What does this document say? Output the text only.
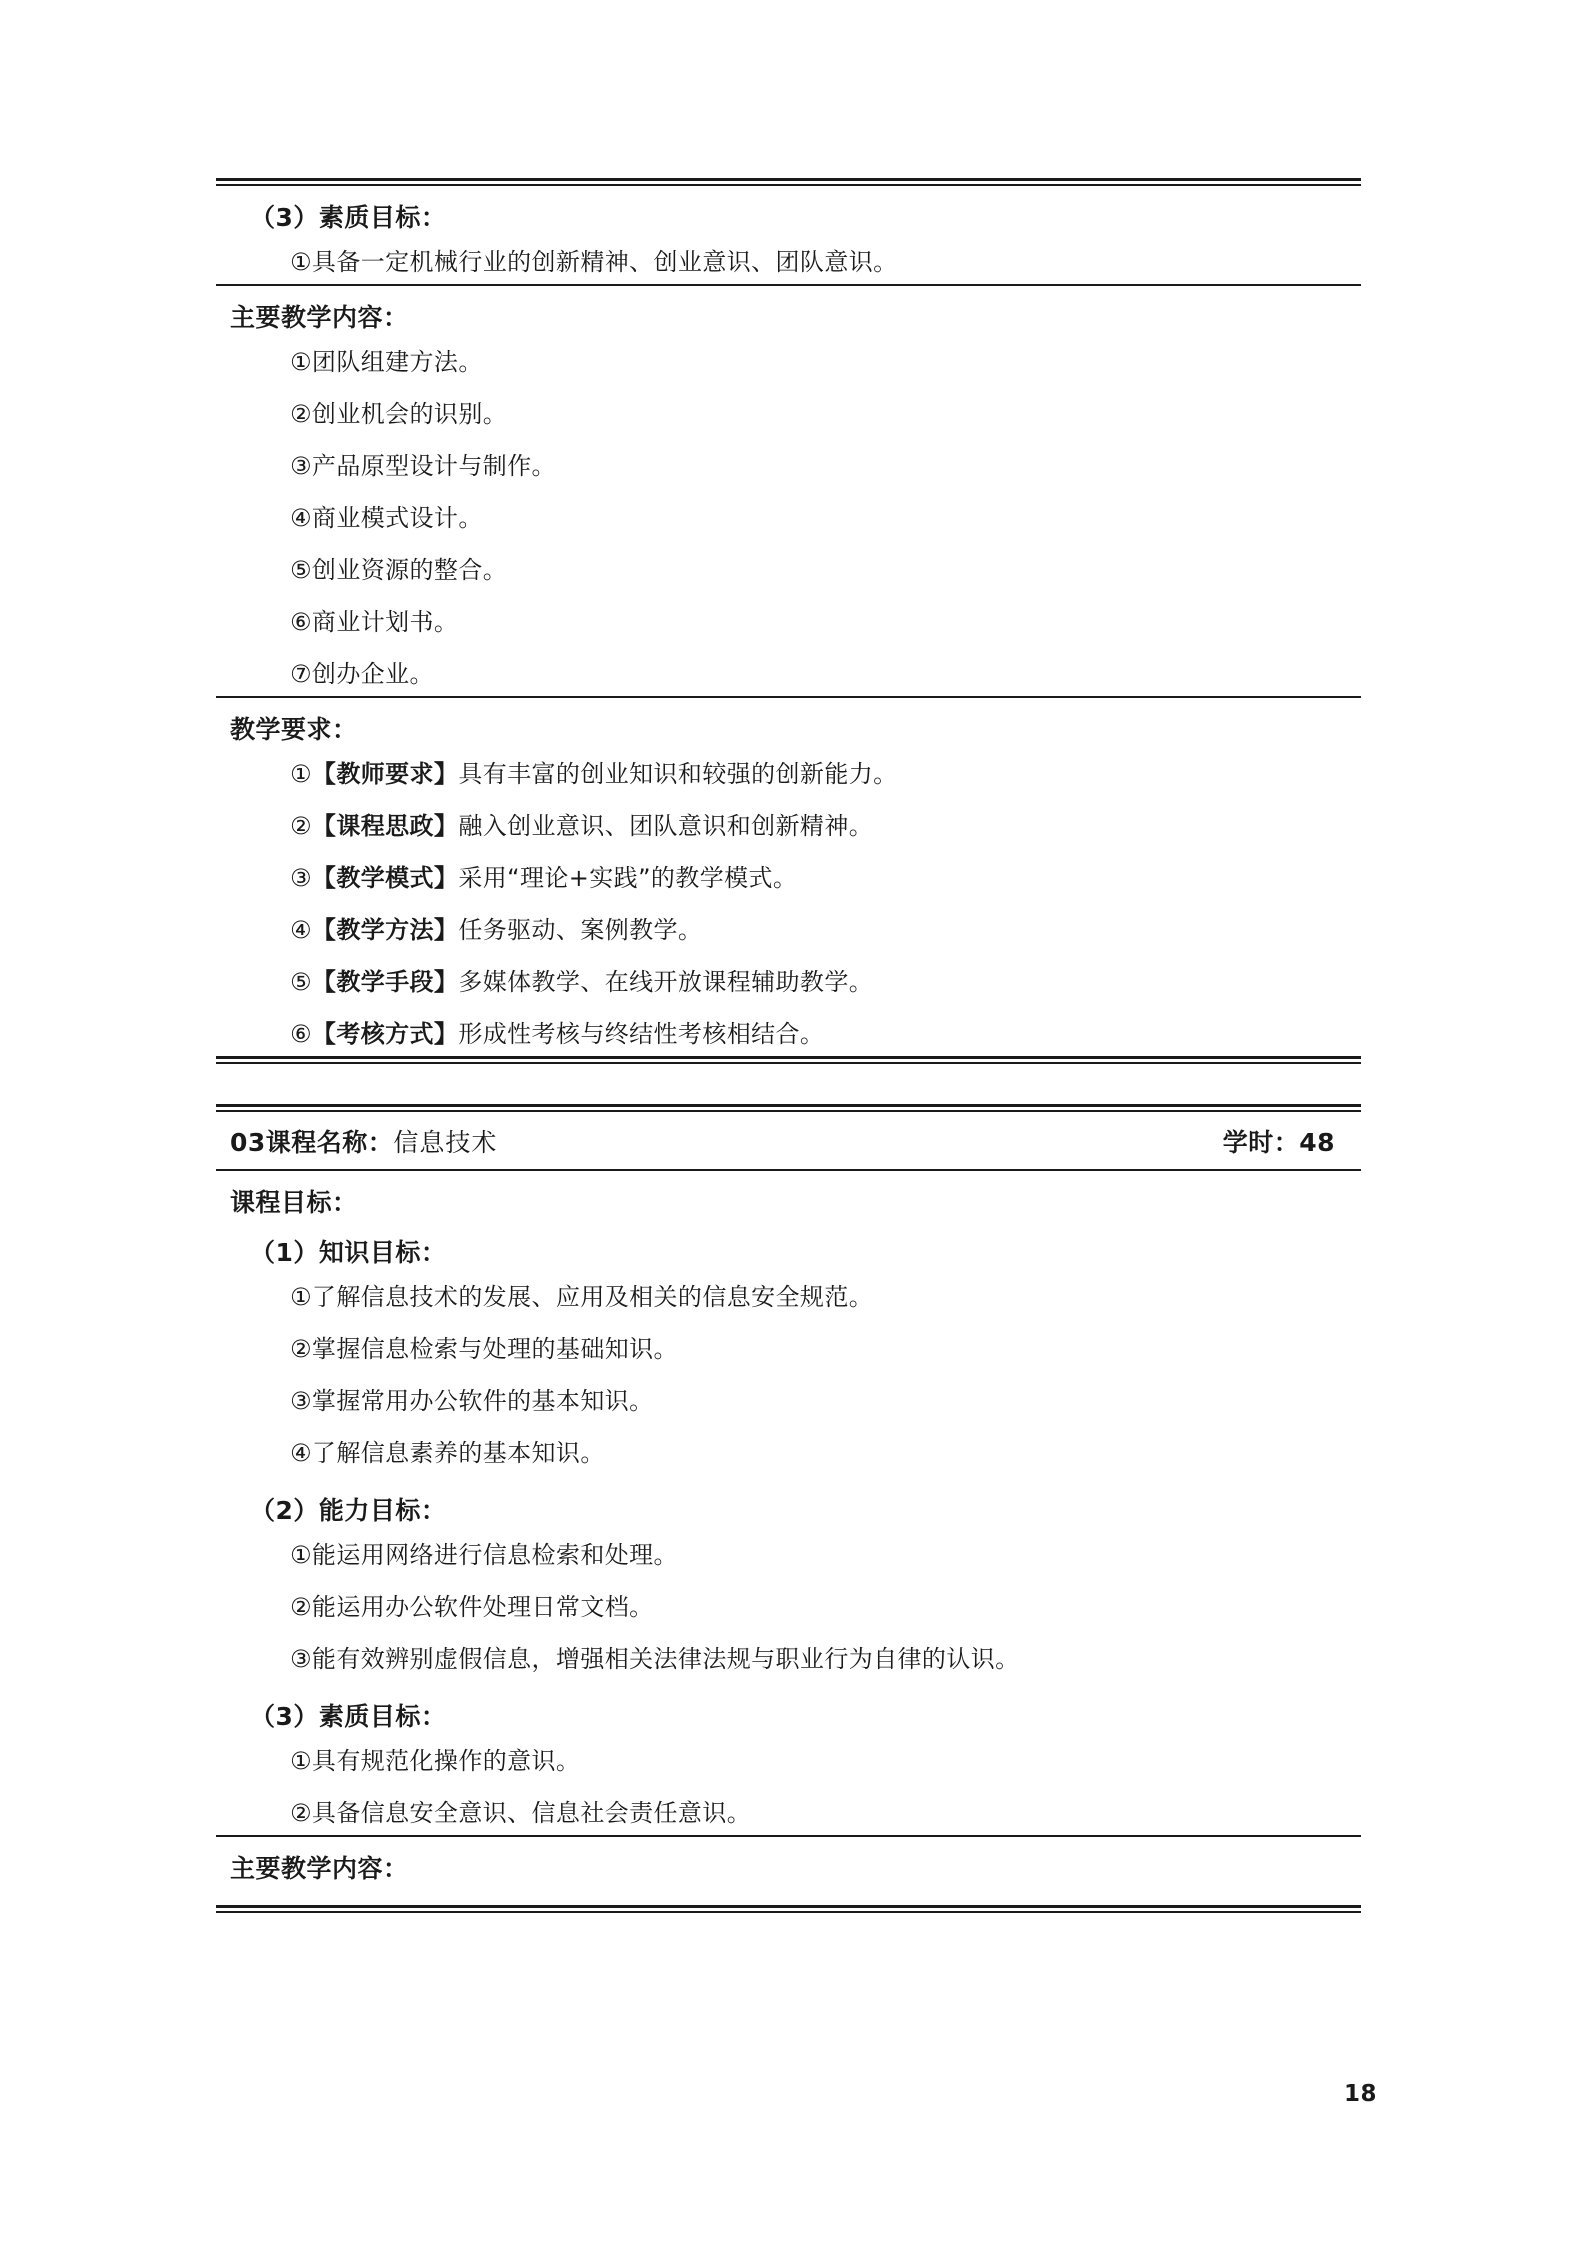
（3）素质目标：
①具备一定机械行业的创新精神、创业意识、团队意识。
主要教学内容：
①团队组建方法。
②创业机会的识别。
③产品原型设计与制作。
④商业模式设计。
⑤创业资源的整合。
⑥商业计划书。
⑦创办企业。
教学要求：
①【教师要求】具有丰富的创业知识和较强的创新能力。
②【课程思政】融入创业意识、团队意识和创新精神。
③【教学模式】采用“理论+实践”的教学模式。
④【教学方法】任务驱动、案例教学。
⑤【教学手段】多媒体教学、在线开放课程辅助教学。
⑥【考核方式】形成性考核与终结性考核相结合。
03课程名称：信息技术	学时：48
课程目标：
（1）知识目标：
①了解信息技术的发展、应用及相关的信息安全规范。
②掌握信息检索与处理的基础知识。
③掌握常用办公软件的基本知识。
④了解信息素养的基本知识。
（2）能力目标：
①能运用网络进行信息检索和处理。
②能运用办公软件处理日常文档。
③能有效辨别虚假信息，增强相关法律法规与职业行为自律的认识。
（3）素质目标：
①具有规范化操作的意识。
②具备信息安全意识、信息社会责任意识。
主要教学内容：
18
